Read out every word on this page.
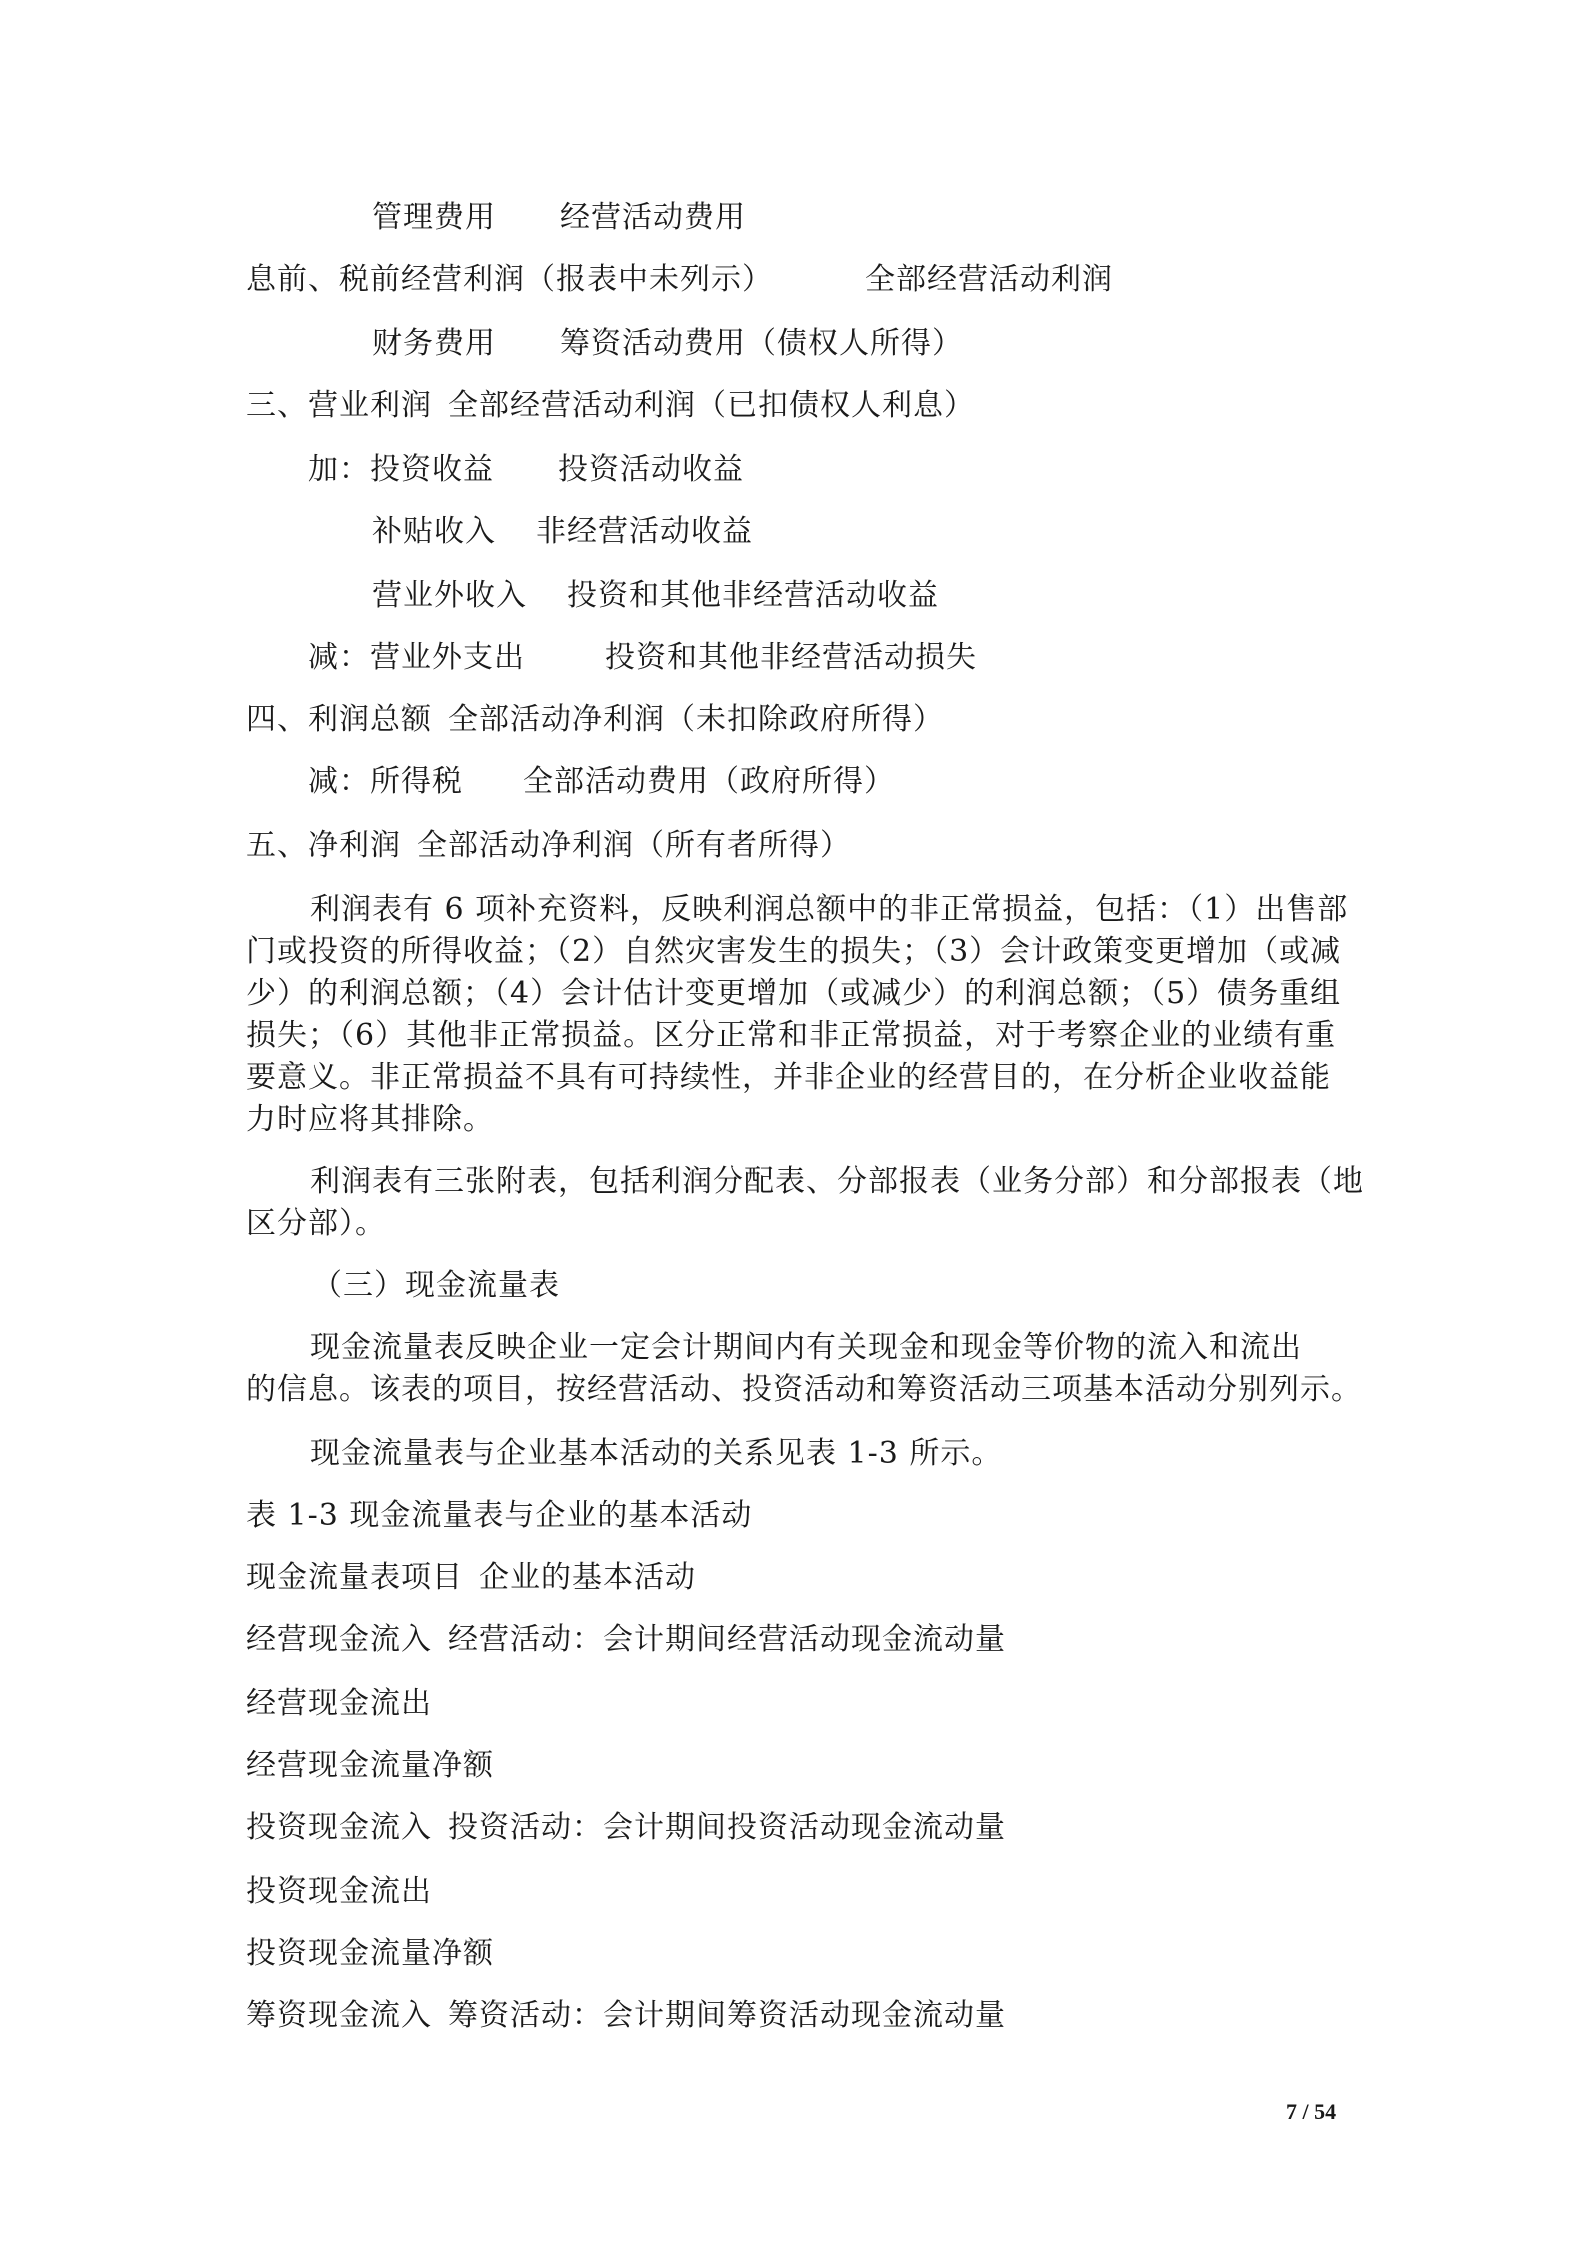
管理费用 经营活动费用
息前、税前经营利润（报表中未列示）	全部经营活动利润
财务费用 筹资活动费用（债权人所得）
三、营业利润 全部经营活动利润（已扣债权人利息）
加：投资收益 投资活动收益
补贴收入 非经营活动收益
营业外收入 投资和其他非经营活动收益
减：营业外支出	投资和其他非经营活动损失
四、利润总额 全部活动净利润（未扣除政府所得）
减：所得税 全部活动费用（政府所得）
五、净利润 全部活动净利润（所有者所得）
利润表有 6 项补充资料，反映利润总额中的非正常损益，包括：（1）出售部
门或投资的所得收益；（2）自然灾害发生的损失；（3）会计政策变更增加（或减
少）的利润总额；（4）会计估计变更增加（或减少）的利润总额；（5）债务重组
损失；（6）其他非正常损益。区分正常和非正常损益，对于考察企业的业绩有重
要意义。非正常损益不具有可持续性，并非企业的经营目的，在分析企业收益能
力时应将其排除。
利润表有三张附表，包括利润分配表、分部报表（业务分部）和分部报表（地
区分部）。
（三）现金流量表
现金流量表反映企业一定会计期间内有关现金和现金等价物的流入和流出
的信息。该表的项目，按经营活动、投资活动和筹资活动三项基本活动分别列示。
现金流量表与企业基本活动的关系见表 1-3 所示。
表 1-3 现金流量表与企业的基本活动
现金流量表项目 企业的基本活动
经营现金流入 经营活动：会计期间经营活动现金流动量
经营现金流出
经营现金流量净额
投资现金流入 投资活动：会计期间投资活动现金流动量
投资现金流出
投资现金流量净额
筹资现金流入 筹资活动：会计期间筹资活动现金流动量
7 / 54
